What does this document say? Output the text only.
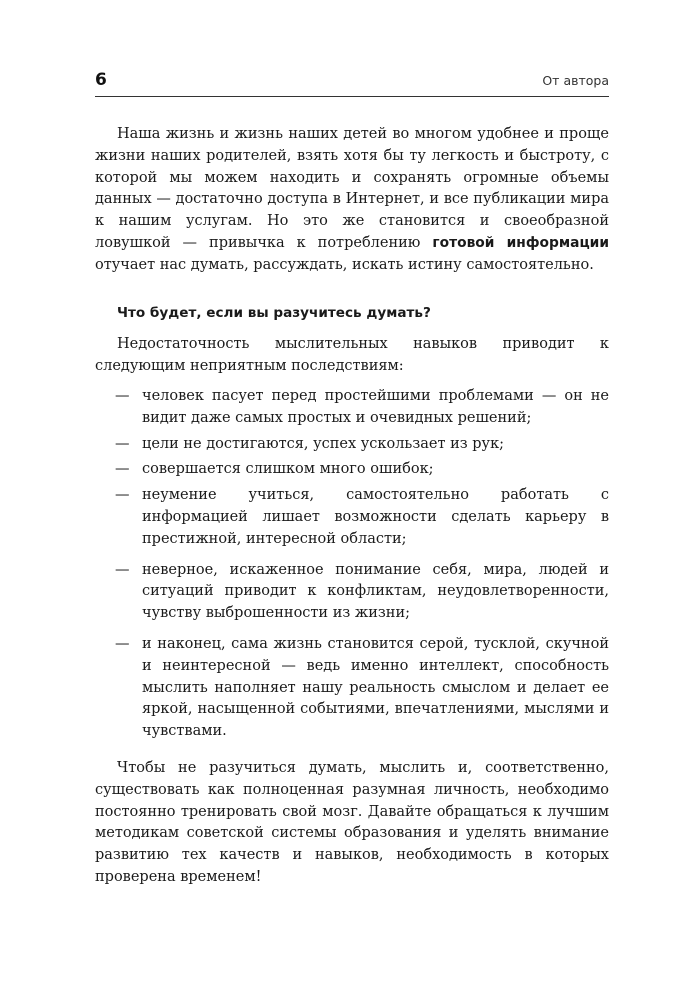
6	От автора

Наша жизнь и жизнь наших детей во многом удобнее и проще жизни наших родителей, взять хотя бы ту легкость и быстроту, с которой мы можем находить и сохранять огромные объемы данных — достаточно доступа в Интернет, и все публикации мира к нашим услугам. Но это же становится и своеобразной ловушкой — привычка к потреблению готовой информации отучает нас думать, рассуждать, искать истину самостоятельно.

Что будет, если вы разучитесь думать?

Недостаточность мыслительных навыков приводит к следующим неприятным последствиям:

— человек пасует перед простейшими проблемами — он не видит даже самых простых и очевидных решений;
— цели не достигаются, успех ускользает из рук;
— совершается слишком много ошибок;
— неумение учиться, самостоятельно работать с информацией лишает возможности сделать карьеру в престижной, интересной области;
— неверное, искаженное понимание себя, мира, людей и ситуаций приводит к конфликтам, неудовлетворенности, чувству выброшенности из жизни;
— и наконец, сама жизнь становится серой, тусклой, скучной и неинтересной — ведь именно интеллект, способность мыслить наполняет нашу реальность смыслом и делает ее яркой, насыщенной событиями, впечатлениями, мыслями и чувствами.

Чтобы не разучиться думать, мыслить и, соответственно, существовать как полноценная разумная личность, необходимо постоянно тренировать свой мозг. Давайте обращаться к лучшим методикам советской системы образования и уделять внимание развитию тех качеств и навыков, необходимость в которых проверена временем!
